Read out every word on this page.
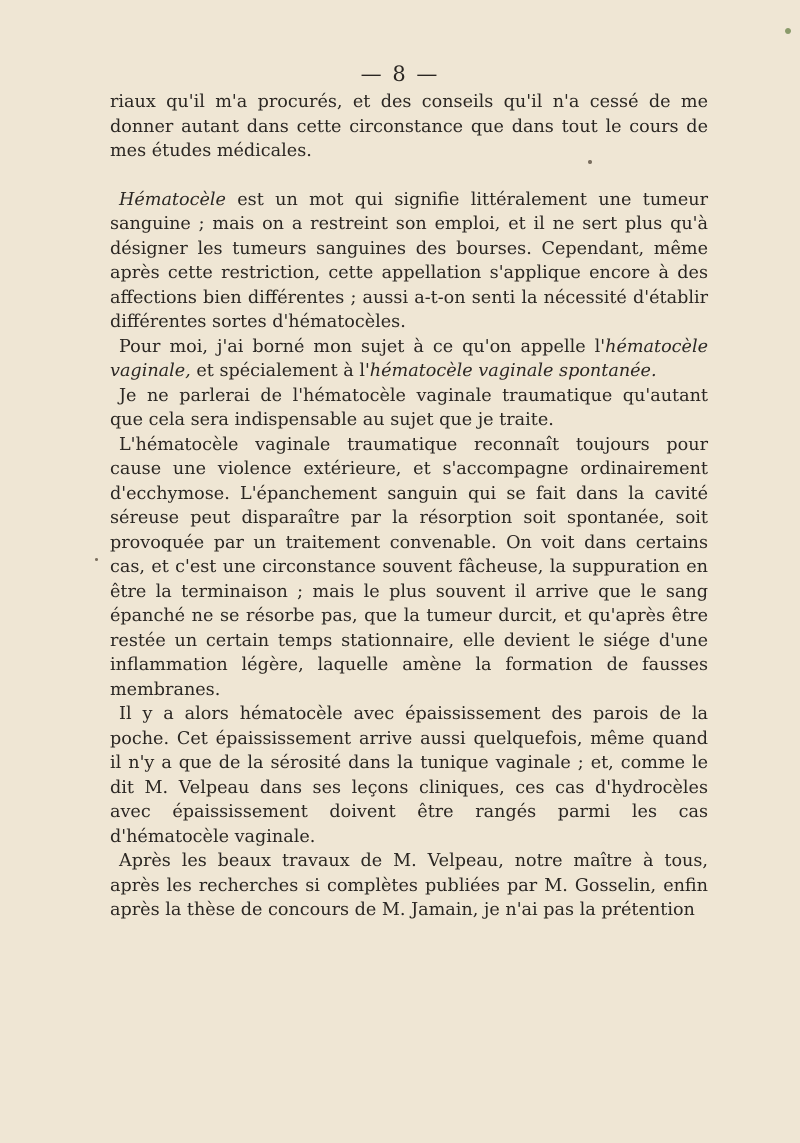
— 8 —

riaux qu'il m'a procurés, et des conseils qu'il n'a cessé de me donner autant dans cette circonstance que dans tout le cours de mes études médicales.

Hématocèle est un mot qui signifie littéralement une tumeur sanguine ; mais on a restreint son emploi, et il ne sert plus qu'à désigner les tumeurs sanguines des bourses. Cependant, même après cette restriction, cette appellation s'applique encore à des affections bien différentes ; aussi a-t-on senti la nécessité d'établir différentes sortes d'hématocèles.

Pour moi, j'ai borné mon sujet à ce qu'on appelle l'hématocèle vaginale, et spécialement à l'hématocèle vaginale spontanée.

Je ne parlerai de l'hématocèle vaginale traumatique qu'autant que cela sera indispensable au sujet que je traite.

L'hématocèle vaginale traumatique reconnaît toujours pour cause une violence extérieure, et s'accompagne ordinairement d'ecchymose. L'épanchement sanguin qui se fait dans la cavité séreuse peut disparaître par la résorption soit spontanée, soit provoquée par un traitement convenable. On voit dans certains cas, et c'est une circonstance souvent fâcheuse, la suppuration en être la terminaison ; mais le plus souvent il arrive que le sang épanché ne se résorbe pas, que la tumeur durcit, et qu'après être restée un certain temps stationnaire, elle devient le siége d'une inflammation légère, laquelle amène la formation de fausses membranes.

Il y a alors hématocèle avec épaississement des parois de la poche. Cet épaississement arrive aussi quelquefois, même quand il n'y a que de la sérosité dans la tunique vaginale ; et, comme le dit M. Velpeau dans ses leçons cliniques, ces cas d'hydrocèles avec épaississement doivent être rangés parmi les cas d'hématocèle vaginale.

Après les beaux travaux de M. Velpeau, notre maître à tous, après les recherches si complètes publiées par M. Gosselin, enfin après la thèse de concours de M. Jamain, je n'ai pas la prétention
